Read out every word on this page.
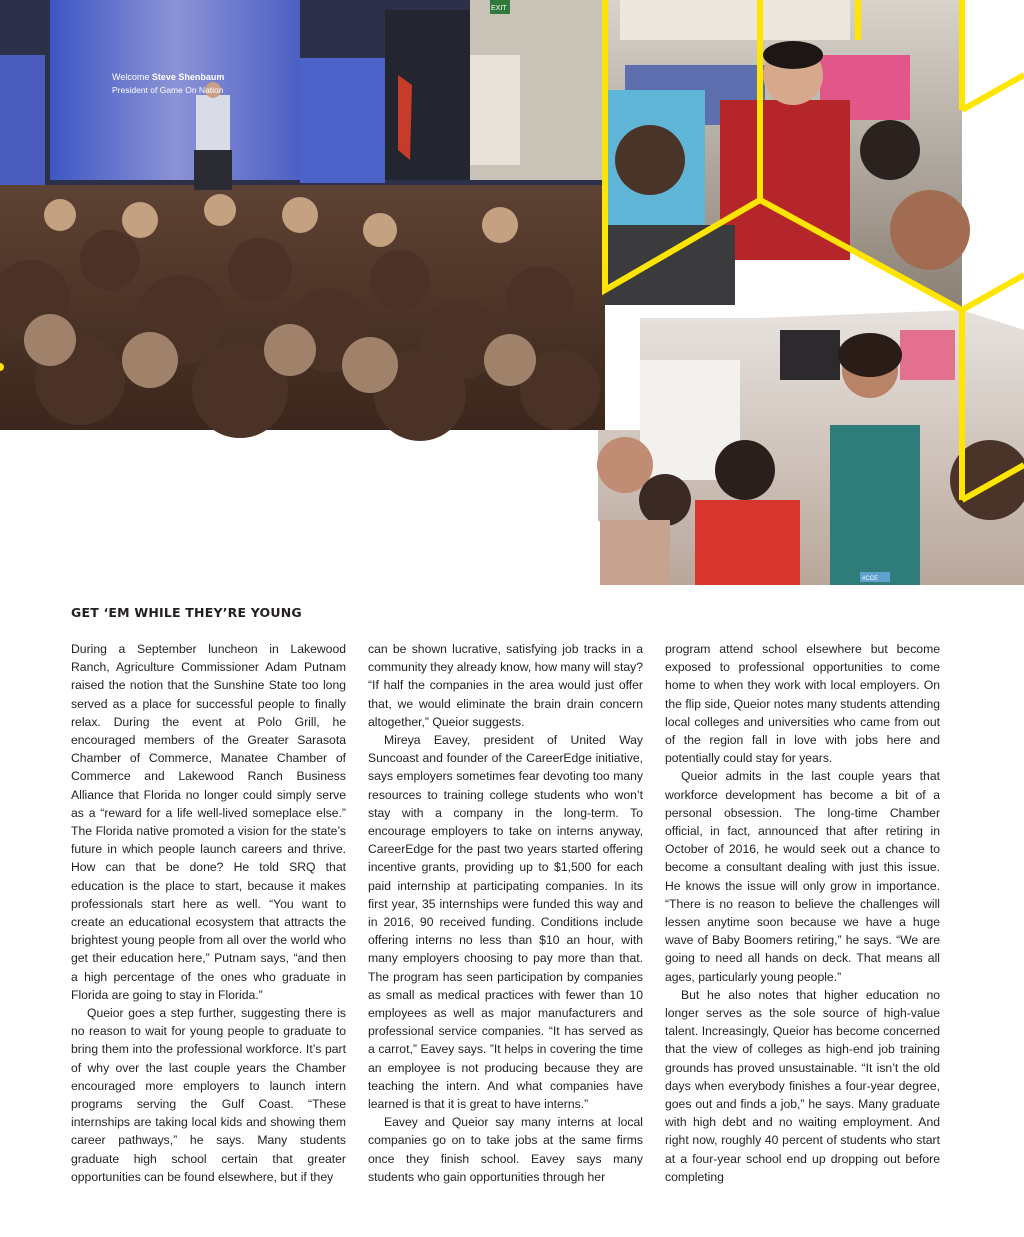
Welcome Steve Shenbaum
President of Game On Nation
EXIT
#CCE
GET ‘EM WHILE THEY’RE YOUNG

During a September luncheon in Lakewood Ranch, Agriculture Commissioner Adam Putnam raised the notion that the Sunshine State too long served as a place for successful people to finally relax. During the event at Polo Grill, he encouraged members of the Greater Sarasota Chamber of Commerce, Manatee Chamber of Commerce and Lakewood Ranch Business Alliance that Florida no longer could simply serve as a “reward for a life well-lived someplace else.” The Florida native promoted a vision for the state’s future in which people launch careers and thrive. How can that be done? He told SRQ that education is the place to start, because it makes professionals start here as well. “You want to create an educational ecosystem that attracts the brightest young people from all over the world who get their education here,” Putnam says, “and then a high percentage of the ones who graduate in Florida are going to stay in Florida.”

Queior goes a step further, suggesting there is no reason to wait for young people to graduate to bring them into the professional workforce. It’s part of why over the last couple years the Chamber encouraged more employers to launch intern programs serving the Gulf Coast. “These internships are taking local kids and showing them career pathways,” he says. Many students graduate high school certain that greater opportunities can be found elsewhere, but if they

can be shown lucrative, satisfying job tracks in a community they already know, how many will stay? “If half the companies in the area would just offer that, we would eliminate the brain drain concern altogether,” Queior suggests.

Mireya Eavey, president of United Way Suncoast and founder of the CareerEdge initiative, says employers sometimes fear devoting too many resources to training college students who won’t stay with a company in the long-term. To encourage employers to take on interns anyway, CareerEdge for the past two years started offering incentive grants, providing up to $1,500 for each paid internship at participating companies. In its first year, 35 internships were funded this way and in 2016, 90 received funding. Conditions include offering interns no less than $10 an hour, with many employers choosing to pay more than that. The program has seen participation by companies as small as medical practices with fewer than 10 employees as well as major manufacturers and professional service companies. “It has served as a carrot,” Eavey says. ”It helps in covering the time an employee is not producing because they are teaching the intern. And what companies have learned is that it is great to have interns.”

Eavey and Queior say many interns at local companies go on to take jobs at the same firms once they finish school. Eavey says many students who gain opportunities through her

program attend school elsewhere but become exposed to professional opportunities to come home to when they work with local employers. On the flip side, Queior notes many students attending local colleges and universities who came from out of the region fall in love with jobs here and potentially could stay for years.

Queior admits in the last couple years that workforce development has become a bit of a personal obsession. The long-time Chamber official, in fact, announced that after retiring in October of 2016, he would seek out a chance to become a consultant dealing with just this issue. He knows the issue will only grow in importance. “There is no reason to believe the challenges will lessen anytime soon because we have a huge wave of Baby Boomers retiring,” he says. “We are going to need all hands on deck. That means all ages, particularly young people.”

But he also notes that higher education no longer serves as the sole source of high-value talent. Increasingly, Queior has become concerned that the view of colleges as high-end job training grounds has proved unsustainable. “It isn’t the old days when everybody finishes a four-year degree, goes out and finds a job,” he says. Many graduate with high debt and no waiting employment. And right now, roughly 40 percent of students who start at a four-year school end up dropping out before completing
